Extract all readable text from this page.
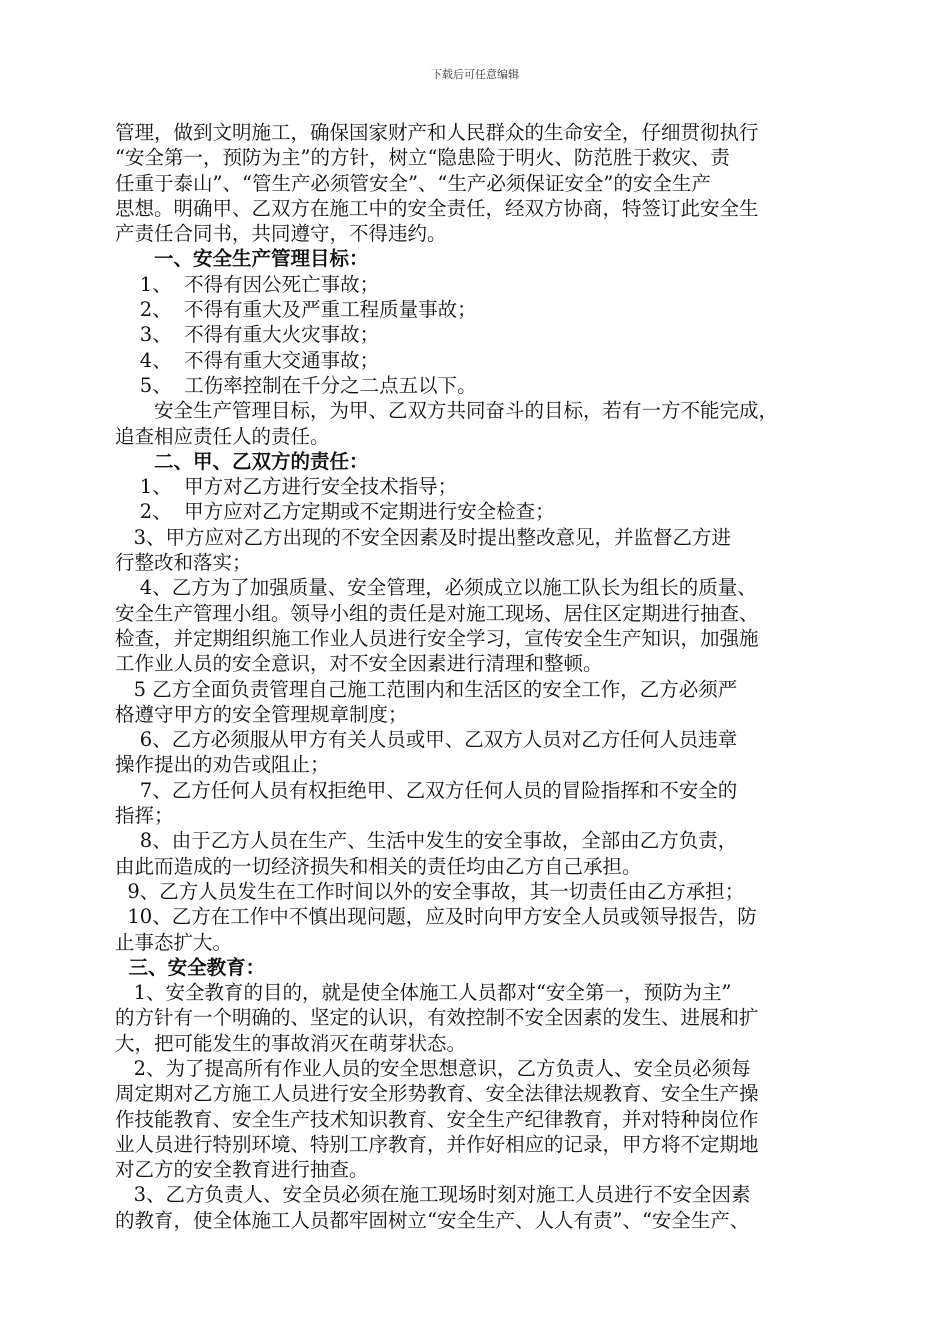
下载后可任意编辑
管理，做到文明施工，确保国家财产和人民群众的生命安全，仔细贯彻执行
“安全第一，预防为主”的方针，树立“隐患险于明火、防范胜于救灾、责
任重于泰山”、“管生产必须管安全”、“生产必须保证安全”的安全生产
思想。明确甲、乙双方在施工中的安全责任，经双方协商，特签订此安全生
产责任合同书，共同遵守，不得违约。
　　一、安全生产管理目标：
1、  不得有因公死亡事故；
2、  不得有重大及严重工程质量事故；
3、  不得有重大火灾事故；
4、  不得有重大交通事故；
5、  工伤率控制在千分之二点五以下。
　　安全生产管理目标，为甲、乙双方共同奋斗的目标，若有一方不能完成，
追查相应责任人的责任。
　　二、甲、乙双方的责任：
1、  甲方对乙方进行安全技术指导；
2、  甲方应对乙方定期或不定期进行安全检查；
3、甲方应对乙方出现的不安全因素及时提出整改意见，并监督乙方进
行整改和落实；
4、乙方为了加强质量、安全管理，必须成立以施工队长为组长的质量、
安全生产管理小组。领导小组的责任是对施工现场、居住区定期进行抽查、
检查，并定期组织施工作业人员进行安全学习，宣传安全生产知识，加强施
工作业人员的安全意识，对不安全因素进行清理和整顿。
5 乙方全面负责管理自己施工范围内和生活区的安全工作，乙方必须严
格遵守甲方的安全管理规章制度；
6、乙方必须服从甲方有关人员或甲、乙双方人员对乙方任何人员违章
操作提出的劝告或阻止；
7、乙方任何人员有权拒绝甲、乙双方任何人员的冒险指挥和不安全的
指挥；
8、由于乙方人员在生产、生活中发生的安全事故，全部由乙方负责，
由此而造成的一切经济损失和相关的责任均由乙方自己承担。
9、乙方人员发生在工作时间以外的安全事故，其一切责任由乙方承担；
10、乙方在工作中不慎出现问题，应及时向甲方安全人员或领导报告，防
止事态扩大。
三、安全教育：
1、安全教育的目的，就是使全体施工人员都对“安全第一，预防为主”
的方针有一个明确的、坚定的认识，有效控制不安全因素的发生、进展和扩
大，把可能发生的事故消灭在萌芽状态。
2、为了提高所有作业人员的安全思想意识，乙方负责人、安全员必须每
周定期对乙方施工人员进行安全形势教育、安全法律法规教育、安全生产操
作技能教育、安全生产技术知识教育、安全生产纪律教育，并对特种岗位作
业人员进行特别环境、特别工序教育，并作好相应的记录，甲方将不定期地
对乙方的安全教育进行抽查。
3、乙方负责人、安全员必须在施工现场时刻对施工人员进行不安全因素
的教育，使全体施工人员都牢固树立“安全生产、人人有责”、“安全生产、
